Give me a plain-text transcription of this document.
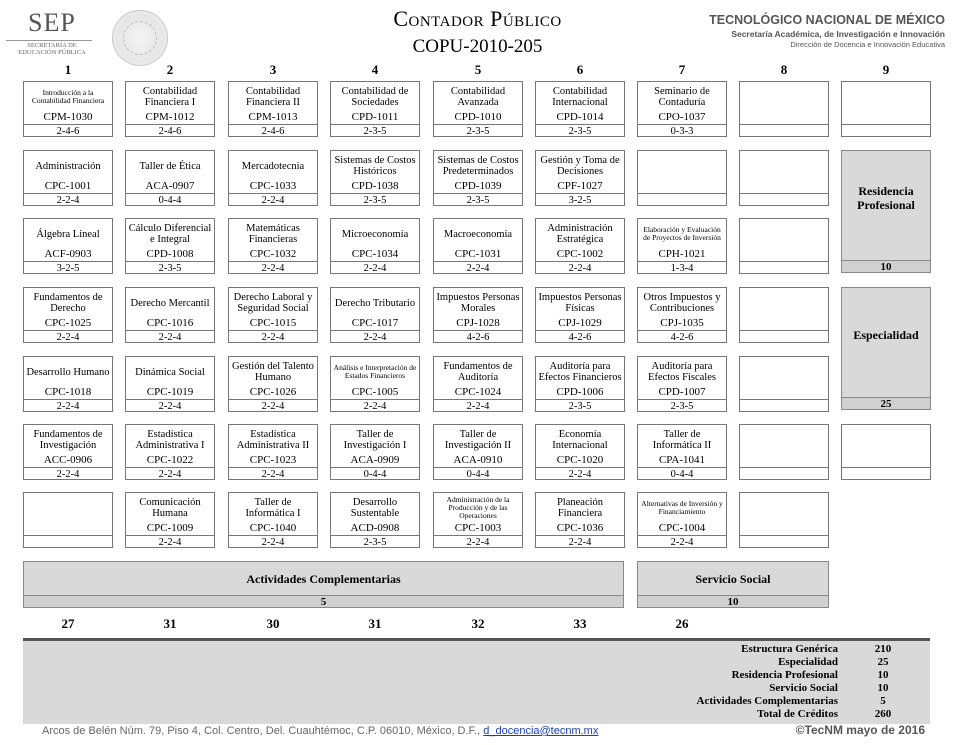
SEP
SECRETARÍA DE EDUCACIÓN PÚBLICA
Contador Público
COPU-2010-205
TECNOLÓGICO NACIONAL DE MÉXICO
Secretaría Académica, de Investigación e Innovación
Dirección de Docencia e Innovación Educativa
1	2	3	4	5	6	7	8	9
Introducción a la Contabilidad Financiera
CPM-1030
2-4-6
Contabilidad Financiera I
CPM-1012
2-4-6
Contabilidad Financiera II
CPM-1013
2-4-6
Contabilidad de Sociedades
CPD-1011
2-3-5
Contabilidad Avanzada
CPD-1010
2-3-5
Contabilidad Internacional
CPD-1014
2-3-5
Seminario de Contaduría
CPO-1037
0-3-3
Administración
CPC-1001
2-2-4
Taller de Ética
ACA-0907
0-4-4
Mercadotecnia
CPC-1033
2-2-4
Sistemas de Costos Históricos
CPD-1038
2-3-5
Sistemas de Costos Predeterminados
CPD-1039
2-3-5
Gestión y Toma de Decisiones
CPF-1027
3-2-5
Álgebra Lineal
ACF-0903
3-2-5
Cálculo Diferencial e Integral
CPD-1008
2-3-5
Matemáticas Financieras
CPC-1032
2-2-4
Microeconomía
CPC-1034
2-2-4
Macroeconomía
CPC-1031
2-2-4
Administración Estratégica
CPC-1002
2-2-4
Elaboración y Evaluación de Proyectos de Inversión
CPH-1021
1-3-4
Fundamentos de Derecho
CPC-1025
2-2-4
Derecho Mercantil
CPC-1016
2-2-4
Derecho Laboral y Seguridad Social
CPC-1015
2-2-4
Derecho Tributario
CPC-1017
2-2-4
Impuestos Personas Morales
CPJ-1028
4-2-6
Impuestos Personas Físicas
CPJ-1029
4-2-6
Otros Impuestos y Contribuciones
CPJ-1035
4-2-6
Desarrollo Humano
CPC-1018
2-2-4
Dinámica Social
CPC-1019
2-2-4
Gestión del Talento Humano
CPC-1026
2-2-4
Análisis e Interpretación de Estados Financieros
CPC-1005
2-2-4
Fundamentos de Auditoría
CPC-1024
2-2-4
Auditoría para Efectos Financieros
CPD-1006
2-3-5
Auditoría para Efectos Fiscales
CPD-1007
2-3-5
Fundamentos de Investigación
ACC-0906
2-2-4
Estadística Administrativa I
CPC-1022
2-2-4
Estadística Administrativa II
CPC-1023
2-2-4
Taller de Investigación I
ACA-0909
0-4-4
Taller de Investigación II
ACA-0910
0-4-4
Economía Internacional
CPC-1020
2-2-4
Taller de Informática II
CPA-1041
0-4-4
Comunicación Humana
CPC-1009
2-2-4
Taller de Informática I
CPC-1040
2-2-4
Desarrollo Sustentable
ACD-0908
2-3-5
Administración de la Producción y de las Operaciones
CPC-1003
2-2-4
Planeación Financiera
CPC-1036
2-2-4
Alternativas de Inversión y Financiamiento
CPC-1004
2-2-4
Residencia Profesional
10
Especialidad
25
Actividades Complementarias
5
Servicio Social
10
27	31	30	31	32	33	26
Estructura Genérica	210
Especialidad	25
Residencia Profesional	10
Servicio Social	10
Actividades Complementarias	5
Total de Créditos	260
Arcos de Belén Núm. 79, Piso 4, Col. Centro, Del. Cuauhtémoc, C.P. 06010, México, D.F., d_docencia@tecnm.mx	©TecNM mayo de 2016
